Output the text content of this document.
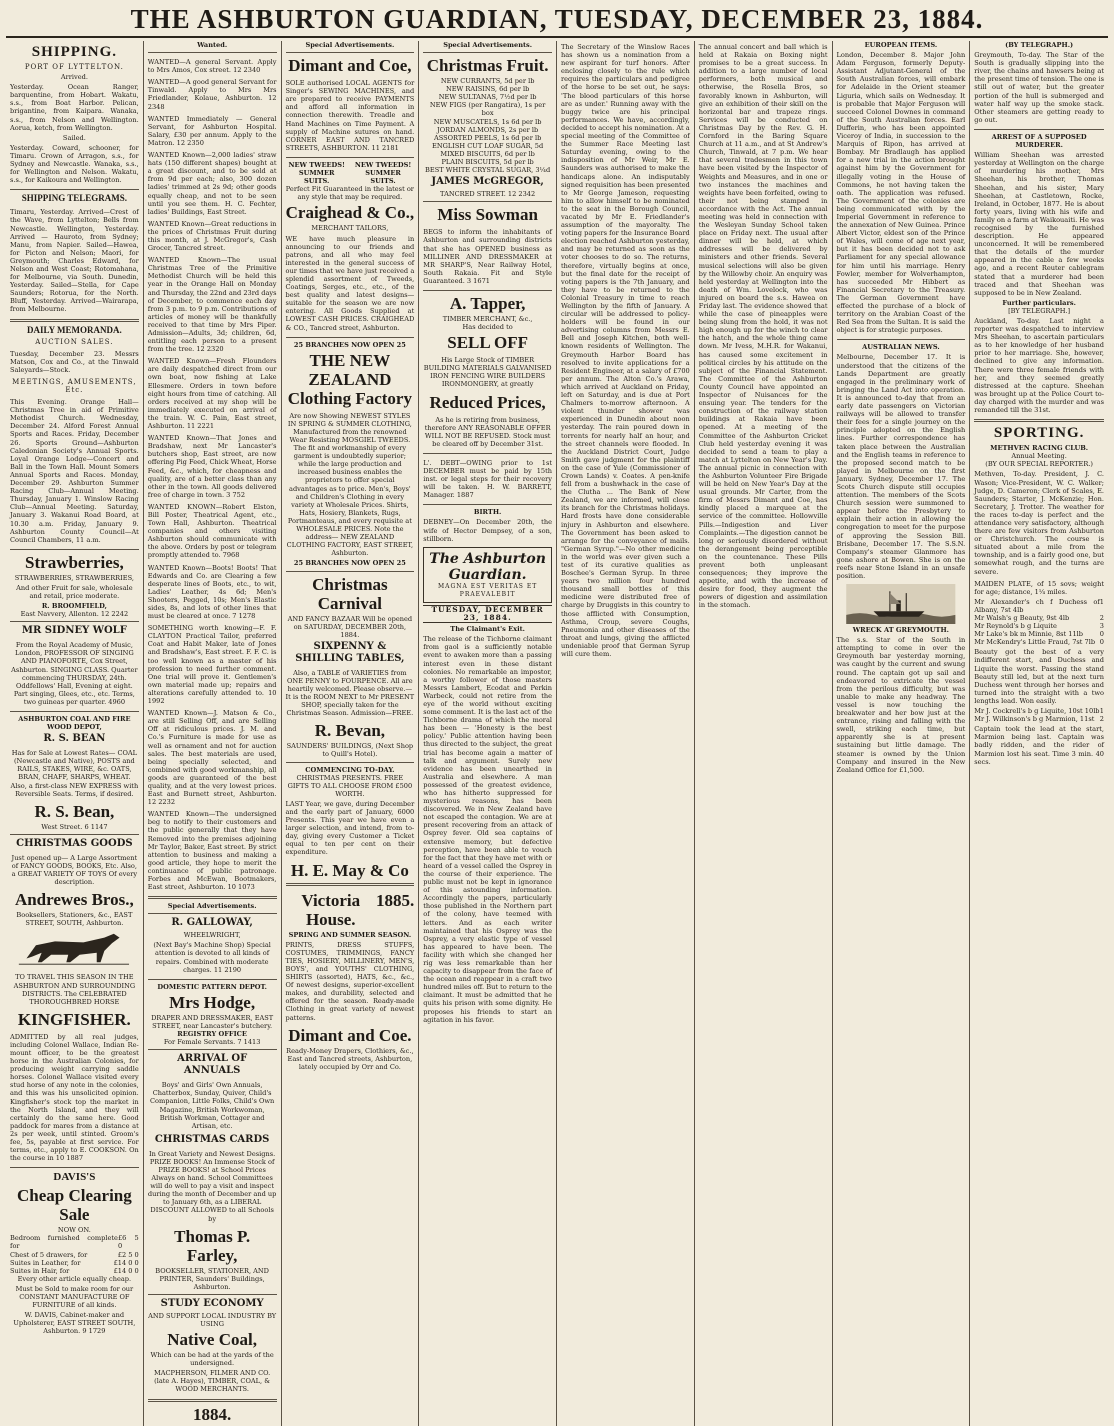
THE ASHBURTON GUARDIAN, TUESDAY, DECEMBER 23, 1884.
SHIPPING.
PORT OF LYTTELTON.
Arrived.
Yesterday. Ocean Ranger, barquentine, from Hobart. Wakatu, s.s., from Boat Harbor. Pelican, brigantine, from Kaipara. Wanaka, s.s., from Nelson and Wellington. Aorua, ketch, from Wellington.
Sailed.
Yesterday. Coward, schooner, for Timaru. Crown of Arragon, s.s., for Sydney and Newcastle. Wanaka, s.s., for Wellington and Nelson. Wakatu, s.s., for Kaikoura and Wellington.
SHIPPING TELEGRAMS.
Timaru, Yesterday. Arrived—Crest of the Wave, from Lyttelton; Bells from Newcastle. Wellington, Yesterday. Arrived — Hauroto, from Sydney; Manu, from Napier. Sailed—Hawea, for Picton and Nelson; Maori, for Greymouth; Charles Edward, for Nelson and West Coast; Rotomahana, for Melbourne, via South. Dunedin, Yesterday. Sailed—Stella, for Cape Saunders; Rotorua, for the North. Bluff, Yesterday. Arrived—Wairarapa, from Melbourne.
DAILY MEMORANDA.
AUCTION SALES.
Tuesday, December 23. Messrs Matson, Cox and Co., at the Tinwald Saleyards—Stock.
MEETINGS, AMUSEMENTS, Etc.
This Evening. Orange Hall—Christmas Tree in aid of Primitive Methodist Church. Wednesday, December 24. Alford Forest Annual Sports and Races. Friday, December 26. Sports Ground—Ashburton Caledonian Society's Annual Sports. Loyal Orange Lodge—Concert and Ball in the Town Hall. Mount Somers Annual Sports and Races. Monday, December 29. Ashburton Summer Racing Club—Annual Meeting. Thursday, January 1. Winslow Racing Club—Annual Meeting. Saturday, January 3. Wakanui Road Board, at 10.30 a.m. Friday, January 9. Ashburton County Council—At Council Chambers, 11 a.m.
Strawberries,
STRAWBERRIES, STRAWBERRIES,
And other Fruit for sale, wholesale and retail, price moderate.
R. BROOMFIELD,
East Navvery, Allenton. 12 2242
MR SIDNEY WOLF
From the Royal Academy of Music, London, PROFESSOR OF SINGING AND PIANOFORTE, Cox Street, Ashburton. SINGING CLASS. Quarter commencing THURSDAY, 24th. Oddfellows' Hall, Evening at eight. Part singing, Glees, etc., etc. Terms, two guineas per quarter. 4960
ASHBURTON COAL AND FIRE WOOD DEPOT,
R. S. BEAN
Has for Sale at Lowest Rates— COAL (Newcastle and Native), POSTS and RAILS, STAKES, WIRE, &c. OATS, BRAN, CHAFF, SHARPS, WHEAT. Also, a first-class NEW EXPRESS with Reversible Seats. Terms, if desired.
R. S. Bean,
West Street. 6 1147
CHRISTMAS GOODS
Just opened up— A Large Assortment of FANCY GOODS, BOOKS, Etc. Also, a GREAT VARIETY OF TOYS Of every description.
Andrewes Bros.,
Booksellers, Stationers, &c., EAST STREET, SOUTH, Ashburton.
TO TRAVEL THIS SEASON IN THE ASHBURTON AND SURROUNDING DISTRICTS. The CELEBRATED THOROUGHBRED HORSE
KINGFISHER.
ADMITTED by all real judges, including Colonel Wallace, Indian Re-mount officer, to be the greatest horse in the Australian Colonies, for producing weight carrying saddle horses. Colonel Wallace visited every stud horse of any note in the colonies, and this was his unsolicited opinion. Kingfisher's stock top the market in the North Island, and they will certainly do the same here. Good paddock for mares from a distance at 2s per week, until stinted. Groom's fee, 5s, payable at first service. For terms, etc., apply to E. COOKSON. On the course in 10 1887
DAVIS'S
Cheap Clearing Sale
NOW ON.
Bedroom furnished complete for
£6 5 0
Chest of 5 drawers, for	£2 5 0
Suites in Leather, for	£14 0 0
Suites in Hair, for	£14 0 0
Every other article equally cheap.
Must be Sold to make room for our CONSTANT MANUFACTURE OF FURNITURE of all kinds.
W. DAVIS, Cabinet-maker and Upholsterer, EAST STREET SOUTH, Ashburton. 9 1729
Wanted.
WANTED—A general Servant. Apply to Mrs Amos, Cox street. 12 2340
WANTED—A good general Servant for Tinwald. Apply to Mrs Mrs Friedlander, Kolaue, Ashburton. 12 2348
WANTED Immediately — General Servant, for Ashburton Hospital. Salary, £30 per annum. Apply to the Matron. 12 2350
WANTED Known—2,000 ladies' straw hats (150 different shapes) bought at a great discount, and to be sold at from 9d per each; also, 300 dozen ladies' trimmed at 2s 9d; other goods equally cheap, and not to be seen until you see them. H. C. Fechter, ladies' Buildings, East Street.
WANTED Known—Great reductions in the prices of Christmas Fruit during this month, at J. McGregor's, Cash Grocer, Tancred street.
WANTED Known—The usual Christmas Tree of the Primitive Methodist Church will be held this year in the Orange Hall on Monday and Thursday, the 22nd and 23rd days of December, to commence each day from 3 p.m. to 9 p.m. Contributions of articles of money will be thankfully received to that time by Mrs Piper. Admission—Adults, 3d; children, 6d, entitling each person to a present from the tree. 12 2320
WANTED Known—Fresh Flounders are daily despatched direct from our own boat, now fishing at Lake Ellesmere. Orders in town before eight hours from time of catching. All orders received at my shop will be immediately executed on arrival of the train. W. C. Pain, East street, Ashburton. 11 2221
WANTED Known—That Jones and Bradshaw, next Mr Lancaster's butchers shop, East street, are now offering Pig Feed, Chick Wheat, Horse Feed, &c., which, for cheapness and quality, are of a better class than any other in the town. All goods delivered free of charge in town. 3 752
WANTED KNOWN—Robert Elston, Bill Poster, Theatrical Agent, etc., Town Hall, Ashburton. Theatrical companies and others visiting Ashburton should communicate with the above. Orders by post or telegram promptly attended to. 7968
WANTED Known—Boots! Boots! That Edwards and Co. are Clearing a few desperate lines of Boots, etc., to wit, Ladies' Leather, 4s 6d; Men's Shooters, Pegged, 10s; Men's Elastic sides, 8s, and lots of other lines that must be cleared at once. 7 1278
SOMETHING worth knowing—F. F. CLAYTON Practical Tailor, preferred Coat and Habit Maker, late of Jones and Bradshaw's, East street. F. F. C. is too well known as a master of his profession to need further comment. One trial will prove it. Gentlemen's own material made up; repairs and alterations carefully attended to. 10 1992
WANTED Known—J. Matson & Co., are still Selling Off, and are Selling Off at ridiculous prices. J. M. and Co.'s Furniture is made for use as well as ornament and not for auction sales. The best materials are used, being specially selected, and combined with good workmanship, all goods are guaranteed of the best quality, and at the very lowest prices. East and Burnett street, Ashburton. 12 2232
WANTED Known—The undersigned beg to notify to their customers and the public generally that they have Removed into the premises adjoining Mr Taylor, Baker, East street. By strict attention to business and making a good article, they hope to merit the continuance of public patronage. Forbes and McEwan, Bootmakers, East street, Ashburton. 10 1073
Special Advertisements.
R. GALLOWAY,
WHEELWRIGHT,
(Next Bay's Machine Shop) Special attention is devoted to all kinds of repairs. Combined with moderate charges. 11 2190
DOMESTIC PATTERN DEPOT.
Mrs Hodge,
DRAPER AND DRESSMAKER, EAST STREET, near Lancaster's butchery.
REGISTRY OFFICE
For Female Servants. 7 1413
ARRIVAL OF ANNUALS
Boys' and Girls' Own Annuals, Chatterbox, Sunday, Quiver, Child's Companion, Little Folks, Child's Own Magazine, British Workwoman, British Workman, Cottager and Artisan, etc.
CHRISTMAS CARDS
In Great Variety and Newest Designs. PRIZE BOOKS! An Immense Stock of PRIZE BOOKS! at School Prices Always on hand. School Committees will do well to pay a visit and inspect during the month of December and up to January 6th, as a LIBERAL DISCOUNT ALLOWED to all Schools by
Thomas P. Farley,
BOOKSELLER, STATIONER, AND PRINTER, Saunders' Buildings, Ashburton.
STUDY ECONOMY
AND SUPPORT LOCAL INDUSTRY BY USING
Native Coal,
Which can be had at the yards of the undersigned.
MACPHERSON, FILMER AND CO. (late A. Hayes), TIMBER, COAL, & WOOD MERCHANTS.
1884.
Special Advertisements.
Dimant and Coe,
SOLE authorised LOCAL AGENTS for Singer's SEWING MACHINES, and are prepared to receive PAYMENTS and afford all information in connection therewith. Treadle and Hand Machines on Time Payment. A supply of Machine sutures on hand. CORNER EAST AND TANCRED STREETS, ASHBURTON. 11 2181
NEW TWEEDS! SUMMER SUITS.
NEW TWEEDS! SUMMER SUITS.
Perfect Fit Guaranteed in the latest or any style that may be required.
Craighead & Co.,
MERCHANT TAILORS,
WE have much pleasure in announcing to our friends and patrons, and all who may feel interested in the general success of our times that we have just received a splendid assortment of Tweeds, Coatings, Serges, etc., etc., of the best quality and latest designs—suitable for the season we are now entering. All Goods Supplied at LOWEST CASH PRICES. CRAIGHEAD & CO., Tancred street, Ashburton.
25 BRANCHES NOW OPEN 25
THE NEW ZEALAND Clothing Factory
Are now Showing NEWEST STYLES IN SPRING & SUMMER CLOTHING, Manufactured from the renowned Wear Resisting MOSGIEL TWEEDS. The fit and workmanship of every garment is undoubtedly superior; while the large production and increased business enables the proprietors to offer special advantages as to price. Men's, Boys' and Children's Clothing in every variety at Wholesale Prices. Shirts, Hats, Hosiery, Blankets, Rugs, Portmanteaus, and every requisite at WHOLESALE PRICES. Note the address— NEW ZEALAND CLOTHING FACTORY, EAST STREET, Ashburton.
25 BRANCHES NOW OPEN 25
Christmas Carnival
AND FANCY BAZAAR Will be opened on SATURDAY, DECEMBER 20th, 1884.
SIXPENNY & SHILLING TABLES,
Also, a TABLE of VARIETIES from ONE PENNY to FOURPENCE. All are heartily welcomed. Please observe.—It is the ROOM NEXT to Mr PRESENT SHOP, specially taken for the Christmas Season. Admission—FREE.
R. Bevan,
SAUNDERS' BUILDINGS, (Next Shop to Quill's Hotel).
COMMENCING TO-DAY.
CHRISTMAS PRESENTS. FREE GIFTS TO ALL CHOOSE FROM £500 WORTH.
LAST Year, we gave, during December and the early part of January, 6000 Presents. This year we have even a larger selection, and intend, from to-day, giving every Customer a Ticket equal to ten per cent on their expenditure.
H. E. May & Co
Victoria House.
1885.
SPRING AND SUMMER SEASON.
PRINTS, DRESS STUFFS, COSTUMES, TRIMMINGS, FANCY TIES, HOSIERY, MILLINERY, MEN'S, BOYS', and YOUTHS' CLOTHING, SHIRTS (assorted), HATS, &c., &c., Of newest designs, superior-excellent makes, and durability, selected and offered for the season. Ready-made Clothing in great variety of newest patterns.
Dimant and Coe.
Ready-Money Drapers, Clothiers, &c., East and Tancred streets, Ashburton, lately occupied by Orr and Co.
Special Advertisements.
Christmas Fruit.
NEW CURRANTS, 5d per lb
NEW RAISINS, 6d per lb
NEW SULTANAS, 7½d per lb
NEW FIGS (per Rangatira), 1s per box
NEW MUSCATELS, 1s 6d per lb
JORDAN ALMONDS, 2s per lb
ASSORTED PEELS, 1s 6d per lb
ENGLISH CUT LOAF SUGAR, 5d
MIXED BISCUITS, 6d per lb
PLAIN BISCUITS, 5d per lb
BEST WHITE CRYSTAL SUGAR, 3¼d
JAMES McGREGOR,
TANCRED STREET. 12 2342
Miss Sowman
BEGS to inform the inhabitants of Ashburton and surrounding districts that she has OPENED business as MILLINER AND DRESSMAKER at MR SHARP'S, Near Railway Hotel, South Rakaia. Fit and Style Guaranteed. 3 1671
A. Tapper,
TIMBER MERCHANT, &c.,
Has decided to
SELL OFF
His Large Stock of TIMBER BUILDING MATERIALS GALVANISED IRON FENCING WIRE BUILDERS IRONMONGERY, at greatly
Reduced Prices,
As he is retiring from business, therefore ANY REASONABLE OFFER WILL NOT BE REFUSED. Stock must be cleared off by December 31st.
L'. DEBT—OWING prior to 1st DECEMBER must be paid by 15th inst. or legal steps for their recovery will be taken. H. W. BARRETT, Manager. 1887
BIRTH.
DEBNEY—On December 20th, the wife of Hector Dempsey, of a son, stillborn.
The Ashburton Guardian.
MAGNA EST VERITAS ET PRAEVALEBIT
TUESDAY, DECEMBER 23, 1884.
The Claimant's Exit.
The release of the Tichborne claimant from gaol is a sufficiently notable event to awaken more than a passing interest even in these distant colonies. No remarkable an impostor, a worthy follower of those masters Messrs Lambert, Ecodat and Perkin Warbeck, could not retire from the eye of the world without exciting some comment. It is the last act of the Tichborne drama of which the moral has been — 'Honesty is the best policy.' Public attention having been thus directed to the subject, the great trial has become again a matter of talk and argument. Surely new evidence has been unearthed in Australia and elsewhere. A man possessed of the greatest evidence, who has hitherto suppressed for mysterious reasons, has been discovered. We in New Zealand have not escaped the contagion. We are at present recovering from an attack of Osprey fever. Old sea captains of extensive memory, but defective perception, have been able to vouch for the fact that they have met with or heard of a vessel called the Osprey in the course of their experience. The public must not be kept in ignorance of this astounding information. Accordingly the papers, particularly those published in the Northern part of the colony, have teemed with letters. And as each writer maintained that his Osprey was the Osprey, a very elastic type of vessel has appeared to have been. The facility with which she changed her rig was less remarkable than her capacity to disappear from the face of the ocean and reappear in a craft two hundred miles off. But to return to the claimant. It must be admitted that he quits his prison with some dignity. He proposes his friends to start an agitation in his favor.
The Secretary of the Winslow Races has shown us a nomination from a new aspirant for turf honors. After enclosing closely to the rule which requires the particulars and pedigree of the horse to be set out, he says: 'The blood particulars of this horse are as under.' Running away with the buggy twice are his principal performances. We have, accordingly, decided to accept his nomination. At a special meeting of the Committee of the Summer Race Meeting last Saturday evening, owing to the indisposition of Mr Weir, Mr E. Saunders was authorised to make the handicaps alone. An indisputably signed requisition has been presented to Mr George Jameson, requesting him to allow himself to be nominated to the seat in the Borough Council, vacated by Mr E. Friedlander's assumption of the mayoralty. The voting papers for the Insurance Board election reached Ashburton yesterday, and may be returned as soon as the voter chooses to do so. The returns, therefore, virtually begins at once, but the final date for the receipt of voting papers is the 7th January, and they have to be returned to the Colonial Treasury in time to reach Wellington by the fifth of January. A circular will be addressed to policy-holders will be found in our advertising columns from Messrs E. Bell and Joseph Kitchen, both well-known residents of Wellington. The Greymouth Harbor Board has resolved to invite applications for a Resident Engineer, at a salary of £700 per annum. The Alton Co.'s Arawa, which arrived at Auckland on Friday, left on Saturday, and is due at Port Chalmers to-morrow afternoon. A violent thunder shower was experienced in Dunedin about noon yesterday. The rain poured down in torrents for nearly half an hour, and the street channels were flooded. In the Auckland District Court, Judge Smith gave judgment for the plaintiff on the case of Yule (Commissioner of Crown Lands) v. Coates. A pen-knife fell from a bushwhack in the case of the Clutha ... The Bank of New Zealand, we are informed, will close its branch for the Christmas holidays. Hard frosts have done considerable injury in Ashburton and elsewhere. The Government has been asked to arrange for the conveyance of mails. "German Syrup."—No other medicine in the world was ever given such a test of its curative qualities as Boschee's German Syrup. In three years two million four hundred thousand small bottles of this medicine were distributed free of charge by Druggists in this country to those afflicted with Consumption, Asthma, Croup, severe Coughs, Pneumonia and other diseases of the throat and lungs, giving the afflicted undeniable proof that German Syrup will cure them.
The annual concert and ball which is held at Rakaia on Boxing night promises to be a great success. In addition to a large number of local performers, both musical and otherwise, the Rosella Bros, so favorably known in Ashburton, will give an exhibition of their skill on the horizontal bar and trapeze rings. Services will be conducted on Christmas Day by the Rev. G. H. Cornford in the Baring Square Church at 11 a.m., and at St Andrew's Church, Tinwald, at 7 p.m. We hear that several tradesmen in this town have been visited by the Inspector of Weights and Measures, and in one or two instances the machines and weights have been forfeited, owing to their not being stamped in accordance with the Act. The annual meeting was held in connection with the Wesleyan Sunday School taken place on Friday next. The usual after dinner will be held, at which addresses will be delivered by ministers and other friends. Several musical selections will also be given by the Willowby choir. An enquiry was held yesterday at Wellington into the death of Wm. Lovelock, who was injured on board the s.s. Hawea on Friday last. The evidence showed that while the case of pineapples were being slung from the hold, it was not high enough up for the winch to clear the hatch, and the whole thing came down. Mr Ivess, M.H.R. for Wakanui, has caused some excitement in political circles by his attitude on the subject of the Financial Statement. The Committee of the Ashburton County Council have appointed an Inspector of Nuisances for the ensuing year. The tenders for the construction of the railway station buildings at Rakaia have been opened. At a meeting of the Committee of the Ashburton Cricket Club held yesterday evening it was decided to send a team to play a match at Lyttelton on New Year's Day. The annual picnic in connection with the Ashburton Volunteer Fire Brigade will be held on New Year's Day at the usual grounds. Mr Carter, from the firm of Messrs Dimant and Coe, has kindly placed a marquee at the service of the committee. Hollowville Pills.—Indigestion and Liver Complaints.—The digestion cannot be long or seriously disordered without the derangement being perceptible on the countenance. These Pills prevent both unpleasant consequences; they improve the appetite, and with the increase of desire for food, they augment the powers of digestion and assimilation in the stomach.
EUROPEAN ITEMS.
London, December 8. Major John Adam Ferguson, formerly Deputy-Assistant Adjutant-General of the South Australian forces, will embark for Adelaide in the Orient steamer Liguria, which sails on Wednesday. It is probable that Major Ferguson will succeed Colonel Downes in command of the South Australian forces. Earl Dufferin, who has been appointed Viceroy of India, in succession to the Marquis of Ripon, has arrived at Bombay. Mr Bradlaugh has applied for a new trial in the action brought against him by the Government for illegally voting in the House of Commons, he not having taken the oath. The application was refused. The Government of the colonies are being communicated with by the Imperial Government in reference to the annexation of New Guinea. Prince Albert Victor, eldest son of the Prince of Wales, will come of age next year, but it has been decided not to ask Parliament for any special allowance for him until his marriage. Henry Fowler, member for Wolverhampton, has succeeded Mr Hibbert as Financial Secretary to the Treasury. The German Government have effected the purchase of a block of territory on the Arabian Coast of the Red Sea from the Sultan. It is said the object is for strategic purposes.
AUSTRALIAN NEWS.
Melbourne, December 17. It is understood that the citizens of the Lands Department are greatly engaged in the preliminary work of bringing the Land Act into operation. It is announced to-day that from an early date passengers on Victorian railways will be allowed to transfer their fees for a single journey on the principle adopted on the English lines. Further correspondence has taken place between the Australian and the English teams in reference to the proposed second match to be played in Melbourne on the first January. Sydney, December 17. The Scots Church dispute still occupies attention. The members of the Scots Church session were summoned to appear before the Presbytery to explain their action in allowing the congregation to meet for the purpose of approving the Session Bill. Brisbane, December 17. The S.S.N. Company's steamer Glanmore has gone ashore at Bowen. She is on the reefs near Stone Island in an unsafe position.
WRECK AT GREYMOUTH.
The s.s. Star of the South in attempting to come in over the Greymouth bar yesterday morning, was caught by the current and swung round. The captain got up sail and endeavored to extricate the vessel from the perilous difficulty, but was unable to make any headway. The vessel is now touching the breakwater and her bow just at the entrance, rising and falling with the swell, striking each time, but apparently she is at present sustaining but little damage. The steamer is owned by the Union Company and insured in the New Zealand Office for £1,500.
(BY TELEGRAPH.)
Greymouth, To-day. The Star of the South is gradually slipping into the river, the chains and hawsers being at the present time of tension. The one is still out of water, but the greater portion of the hull is submerged and water half way up the smoke stack. Other steamers are getting ready to go out.
ARREST OF A SUPPOSED MURDERER.
William Sheehan was arrested yesterday at Wellington on the charge of murdering his mother, Mrs Sheehan, his brother, Thomas Sheehan, and his sister, Mary Sheehan, at Castletown, Rocke, Ireland, in October, 1877. He is about forty years, living with his wife and family on a farm at Waikouaiti. He was recognised by the furnished description. He appeared unconcerned. It will be remembered that the details of the murder appeared in the cable a few weeks ago, and a recent Reuter cablegram stated that a murderer had been traced and that Sheehan was supposed to be in New Zealand.
Further particulars.
[BY TELEGRAPH.]
Auckland, To-day. Last night a reporter was despatched to interview Mrs Sheehan, to ascertain particulars as to her knowledge of her husband prior to her marriage. She, however, declined to give any information. There were three female friends with her, and they seemed greatly distressed at the capture. Sheehan was brought up at the Police Court to-day charged with the murder and was remanded till the 31st.
SPORTING.
METHVEN RACING CLUB.
Annual Meeting.
(BY OUR SPECIAL REPORTER.)
Methven, To-day. President, J. C. Wason; Vice-President, W. C. Walker; Judge, D. Cameron; Clerk of Scales, E. Saunders; Starter, J. McKenzie; Hon. Secretary, J. Trotter. The weather for the races to-day is perfect and the attendance very satisfactory, although there are few visitors from Ashburton or Christchurch. The course is situated about a mile from the township, and is a fairly good one, but somewhat rough, and the turns are severe.
MAIDEN PLATE, of 15 sovs; weight for age; distance, 1¼ miles.
Mr Alexander's ch f Duchess of Albany, 7st 4lb
1
Mr Walsh's g Beauty, 9st 4lb	2
Mr Reynold's b g Liquite	3
Mr Lake's bk m Minnie, 8st 11lb	0
Mr McKendry's Little Fraud, 7st 7lb 0
Beauty got the best of a very indifferent start, and Duchess and Liquite the worst. Passing the stand Beauty still led, but at the next turn Duchess went through her horses and turned into the straight with a two lengths lead. Won easily.
Mr J. Cockrell's b g Liquite, 10st 10lb 1
Mr J. Wilkinson's b g Marmion, 11st 2
Captain took the lead at the start, Marmion being last. Captain was badly ridden, and the rider of Marmion lost his seat. Time 3 min. 40 secs.
